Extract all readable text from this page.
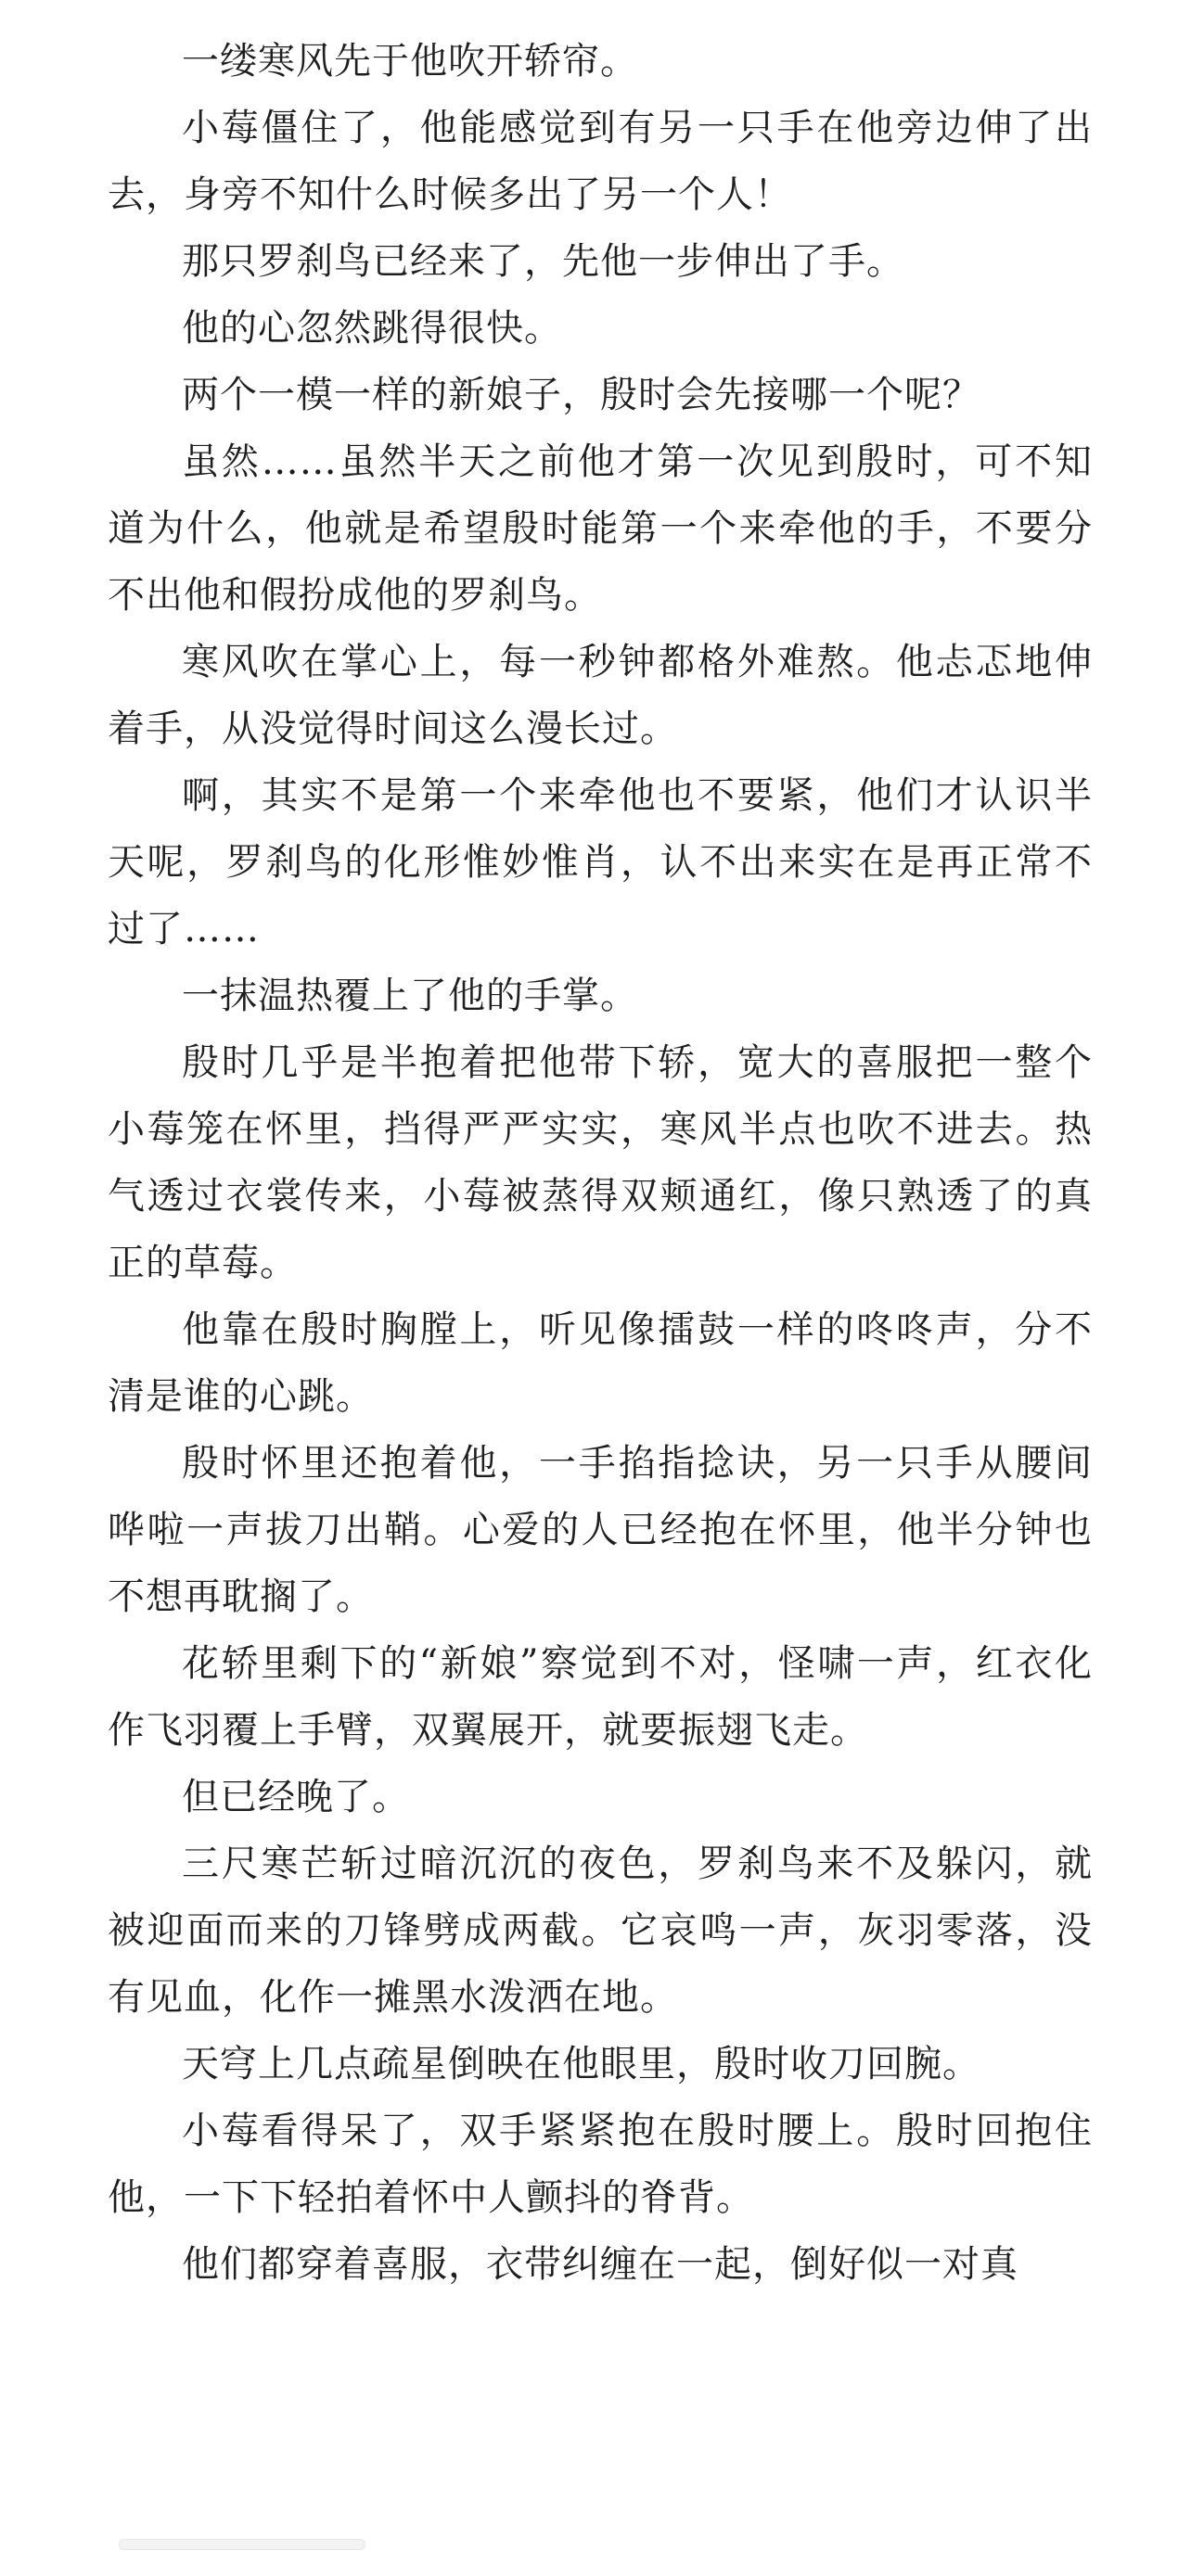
一缕寒风先于他吹开轿帘。

小莓僵住了，他能感觉到有另一只手在他旁边伸了出去，身旁不知什么时候多出了另一个人！

那只罗刹鸟已经来了，先他一步伸出了手。

他的心忽然跳得很快。

两个一模一样的新娘子，殷时会先接哪一个呢？

虽然……虽然半天之前他才第一次见到殷时，可不知道为什么，他就是希望殷时能第一个来牵他的手，不要分不出他和假扮成他的罗刹鸟。

寒风吹在掌心上，每一秒钟都格外难熬。他忐忑地伸着手，从没觉得时间这么漫长过。

啊，其实不是第一个来牵他也不要紧，他们才认识半天呢，罗刹鸟的化形惟妙惟肖，认不出来实在是再正常不过了……

一抹温热覆上了他的手掌。

殷时几乎是半抱着把他带下轿，宽大的喜服把一整个小莓笼在怀里，挡得严严实实，寒风半点也吹不进去。热气透过衣裳传来，小莓被蒸得双颊通红，像只熟透了的真正的草莓。

他靠在殷时胸膛上，听见像擂鼓一样的咚咚声，分不清是谁的心跳。

殷时怀里还抱着他，一手掐指捻诀，另一只手从腰间哗啦一声拔刀出鞘。心爱的人已经抱在怀里，他半分钟也不想再耽搁了。

花轿里剩下的“新娘”察觉到不对，怪啸一声，红衣化作飞羽覆上手臂，双翼展开，就要振翅飞走。

但已经晚了。

三尺寒芒斩过暗沉沉的夜色，罗刹鸟来不及躲闪，就被迎面而来的刀锋劈成两截。它哀鸣一声，灰羽零落，没有见血，化作一摊黑水泼洒在地。

天穹上几点疏星倒映在他眼里，殷时收刀回腕。

小莓看得呆了，双手紧紧抱在殷时腰上。殷时回抱住他，一下下轻拍着怀中人颤抖的脊背。

他们都穿着喜服，衣带纠缠在一起，倒好似一对真
